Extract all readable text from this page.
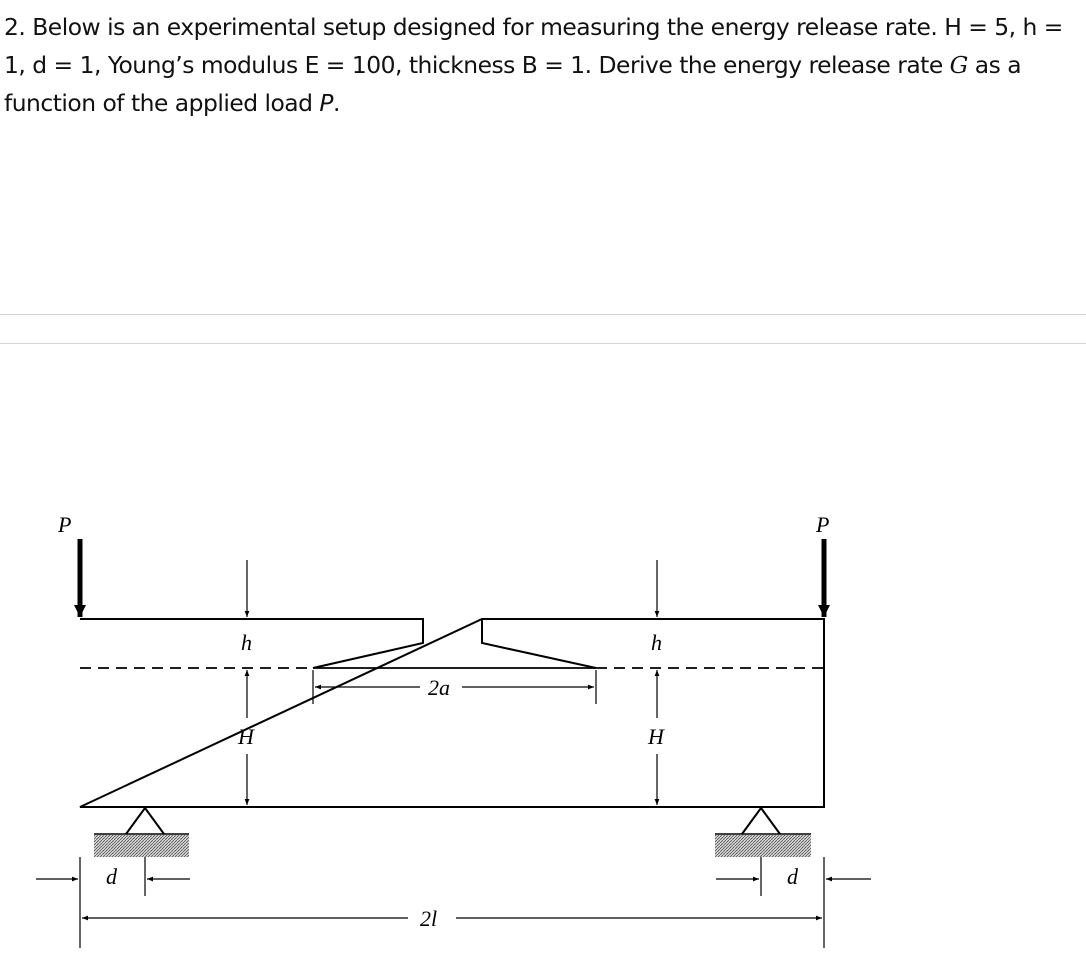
2. Below is an experimental setup designed for measuring the energy release rate. H = 5, h = 1, d = 1, Young’s modulus E = 100, thickness B = 1. Derive the energy release rate G as a function of the applied load P.
P	P
h
H
h
H
2a
d	d
2l
